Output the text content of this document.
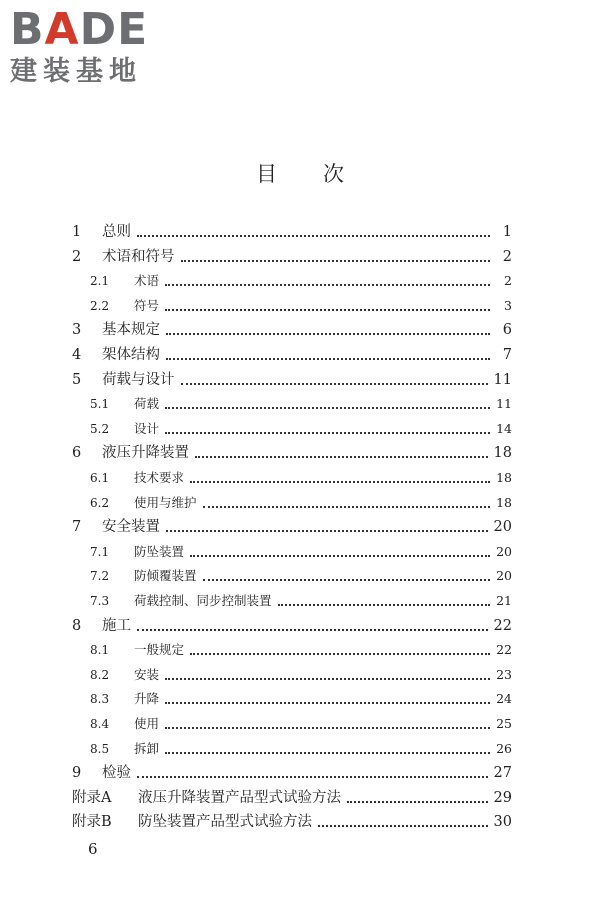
BADE
建装基地
目次
1	总则	1
2	术语和符号	2
2.1	术语	2
2.2	符号	3
3	基本规定	6
4	架体结构	7
5	荷载与设计	11
5.1	荷载	11
5.2	设计	14
6	液压升降装置	18
6.1	技术要求	18
6.2	使用与维护	18
7	安全装置	20
7.1	防坠装置	20
7.2	防倾覆装置	20
7.3	荷载控制、同步控制装置	21
8	施工	22
8.1	一般规定	22
8.2	安装	23
8.3	升降	24
8.4	使用	25
8.5	拆卸	26
9	检验	27
附录A	液压升降装置产品型式试验方法	29
附录B	防坠装置产品型式试验方法	30
6
